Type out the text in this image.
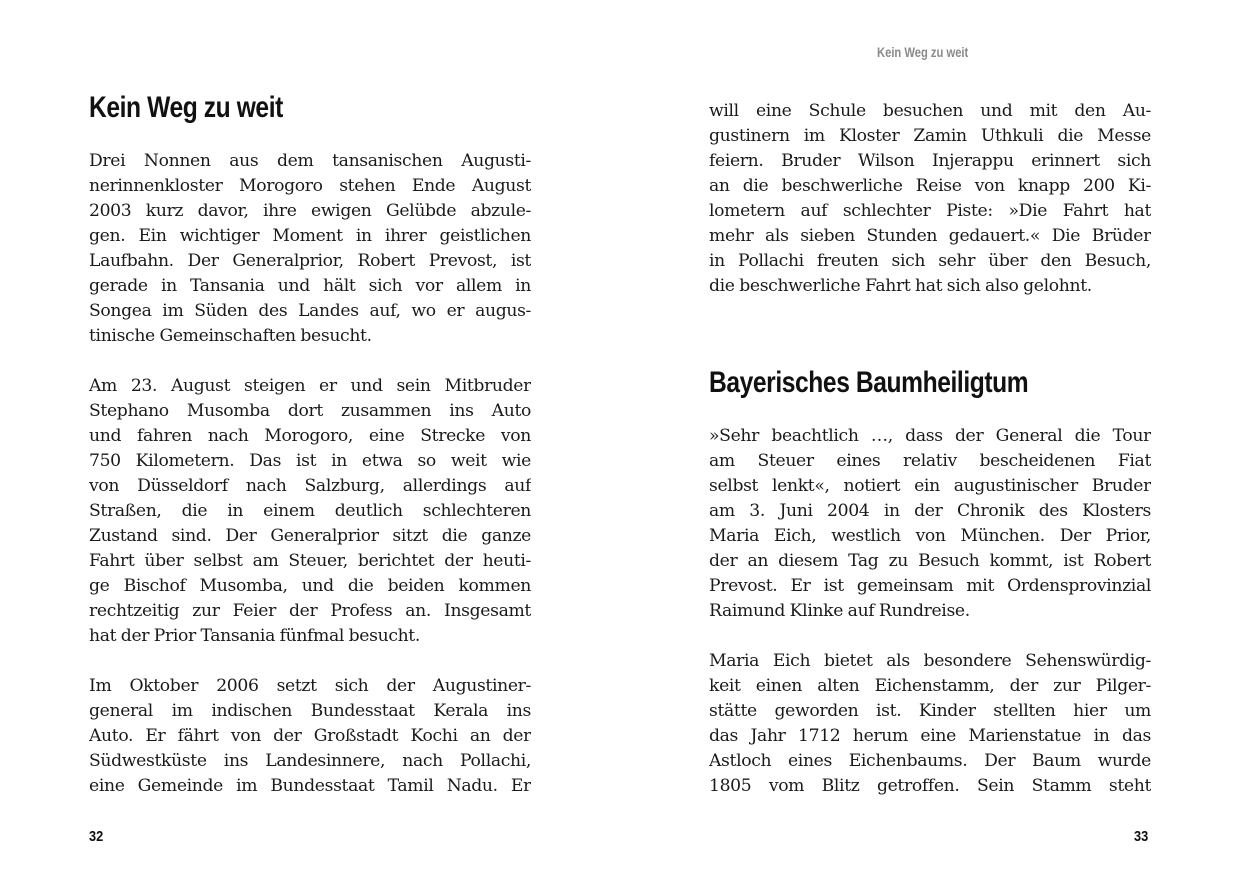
Kein Weg zu weit

Drei Nonnen aus dem tansanischen Augusti-
nerinnenkloster Morogoro stehen Ende August
2003 kurz davor, ihre ewigen Gelübde abzule-
gen. Ein wichtiger Moment in ihrer geistlichen
Laufbahn. Der Generalprior, Robert Prevost, ist
gerade in Tansania und hält sich vor allem in
Songea im Süden des Landes auf, wo er augus-
tinische Gemeinschaften besucht.

Am 23. August steigen er und sein Mitbruder
Stephano Musomba dort zusammen ins Auto
und fahren nach Morogoro, eine Strecke von
750 Kilometern. Das ist in etwa so weit wie
von Düsseldorf nach Salzburg, allerdings auf
Straßen, die in einem deutlich schlechteren
Zustand sind. Der Generalprior sitzt die ganze
Fahrt über selbst am Steuer, berichtet der heuti-
ge Bischof Musomba, und die beiden kommen
rechtzeitig zur Feier der Profess an. Insgesamt
hat der Prior Tansania fünfmal besucht.

Im Oktober 2006 setzt sich der Augustiner-
general im indischen Bundesstaat Kerala ins
Auto. Er fährt von der Großstadt Kochi an der
Südwestküste ins Landesinnere, nach Pollachi,
eine Gemeinde im Bundesstaat Tamil Nadu. Er

32
Kein Weg zu weit

will eine Schule besuchen und mit den Au-
gustinern im Kloster Zamin Uthkuli die Messe
feiern. Bruder Wilson Injerappu erinnert sich
an die beschwerliche Reise von knapp 200 Ki-
lometern auf schlechter Piste: »Die Fahrt hat
mehr als sieben Stunden gedauert.« Die Brüder
in Pollachi freuten sich sehr über den Besuch,
die beschwerliche Fahrt hat sich also gelohnt.

Bayerisches Baumheiligtum

»Sehr beachtlich …, dass der General die Tour
am Steuer eines relativ bescheidenen Fiat
selbst lenkt«, notiert ein augustinischer Bruder
am 3. Juni 2004 in der Chronik des Klosters
Maria Eich, westlich von München. Der Prior,
der an diesem Tag zu Besuch kommt, ist Robert
Prevost. Er ist gemeinsam mit Ordensprovinzial
Raimund Klinke auf Rundreise.

Maria Eich bietet als besondere Sehenswürdig-
keit einen alten Eichenstamm, der zur Pilger-
stätte geworden ist. Kinder stellten hier um
das Jahr 1712 herum eine Marienstatue in das
Astloch eines Eichenbaums. Der Baum wurde
1805 vom Blitz getroffen. Sein Stamm steht

33
